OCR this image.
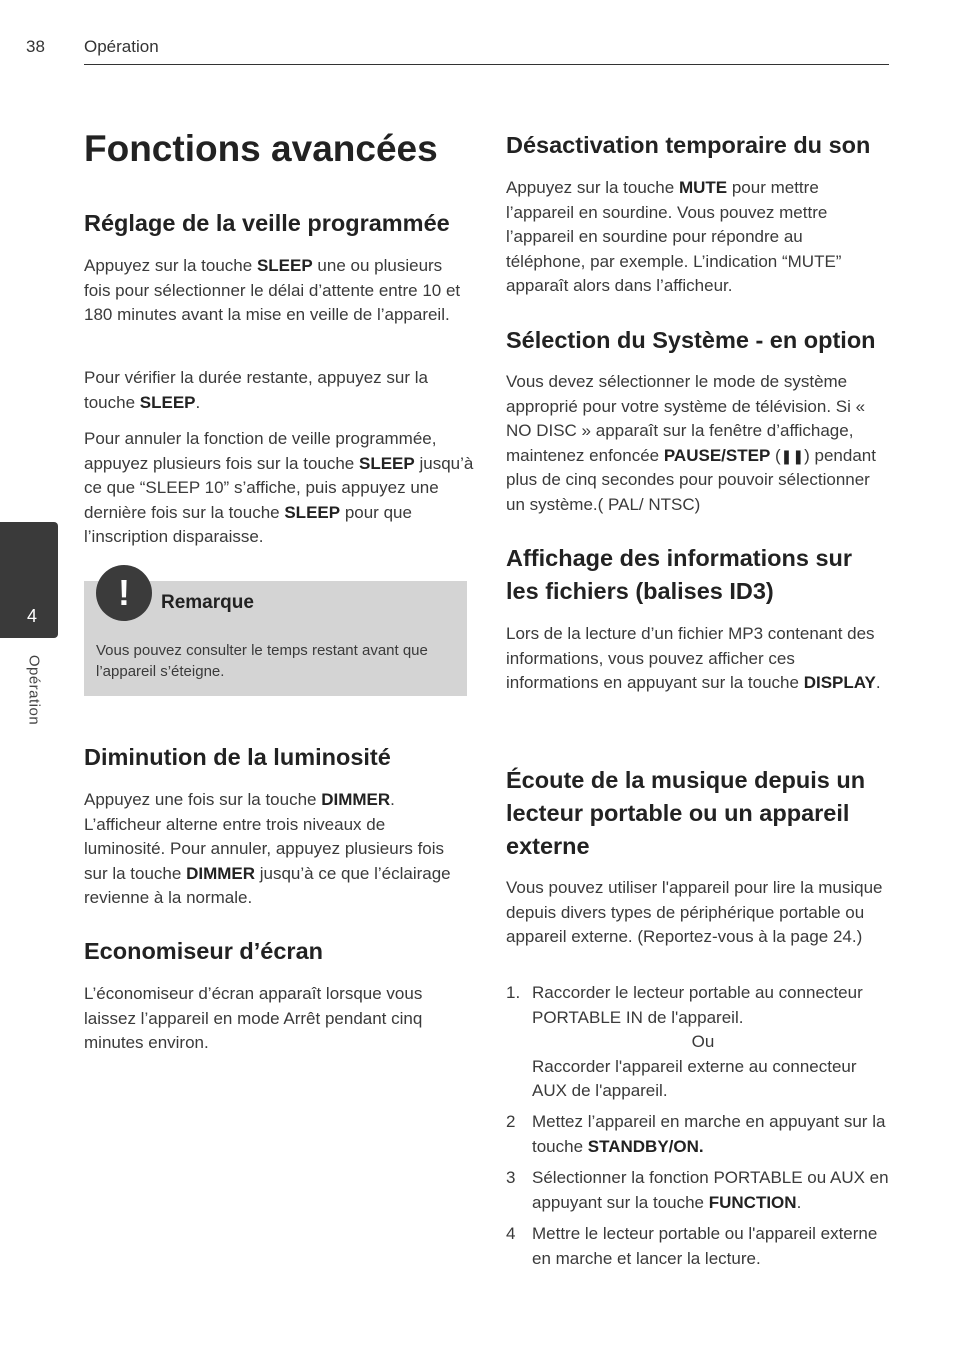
38 Opération
4
Opération
Fonctions avancées
Réglage de la veille programmée

Appuyez sur la touche SLEEP une ou plusieurs fois pour sélectionner le délai d’attente entre 10 et 180 minutes avant la mise en veille de l’appareil.

Pour vérifier la durée restante, appuyez sur la touche SLEEP.

Pour annuler la fonction de veille programmée, appuyez plusieurs fois sur la touche SLEEP jusqu’à ce que “SLEEP 10” s’affiche, puis appuyez une dernière fois sur la touche SLEEP pour que l’inscription disparaisse.

!	Remarque
Vous pouvez consulter le temps restant avant que l’appareil s’éteigne.
Diminution de la luminosité

Appuyez une fois sur la touche DIMMER. L’afficheur alterne entre trois niveaux de luminosité. Pour annuler, appuyez plusieurs fois sur la touche DIMMER jusqu’à ce que l’éclairage revienne à la normale.

Economiseur d’écran

L’économiseur d’écran apparaît lorsque vous laissez l’appareil en mode Arrêt pendant cinq minutes environ.

Désactivation temporaire du son

Appuyez sur la touche MUTE pour mettre l’appareil en sourdine. Vous pouvez mettre l’appareil en sourdine pour répondre au téléphone, par exemple. L’indication “MUTE” apparaît alors dans l’afficheur.

Sélection du Système - en option

Vous devez sélectionner le mode de système approprié pour votre système de télévision. Si « NO DISC » apparaît sur la fenêtre d’affichage, maintenez enfoncée PAUSE/STEP (❚❚) pendant plus de cinq secondes pour pouvoir sélectionner un système.( PAL/ NTSC)

Affichage des informations sur les fichiers (balises ID3)

Lors de la lecture d’un fichier MP3 contenant des informations, vous pouvez afficher ces informations en appuyant sur la touche DISPLAY.

Écoute de la musique depuis un lecteur portable ou un appareil externe

Vous pouvez utiliser l'appareil pour lire la musique depuis divers types de périphérique portable ou appareil externe. (Reportez-vous à la page 24.)

1. Raccorder le lecteur portable au connecteur PORTABLE IN de l'appareil.
Ou
Raccorder l'appareil externe au connecteur AUX de l'appareil.
2 Mettez l’appareil en marche en appuyant sur la touche STANDBY/ON.
3 Sélectionner la fonction PORTABLE ou AUX en appuyant sur la touche FUNCTION.
4 Mettre le lecteur portable ou l'appareil externe en marche et lancer la lecture.
